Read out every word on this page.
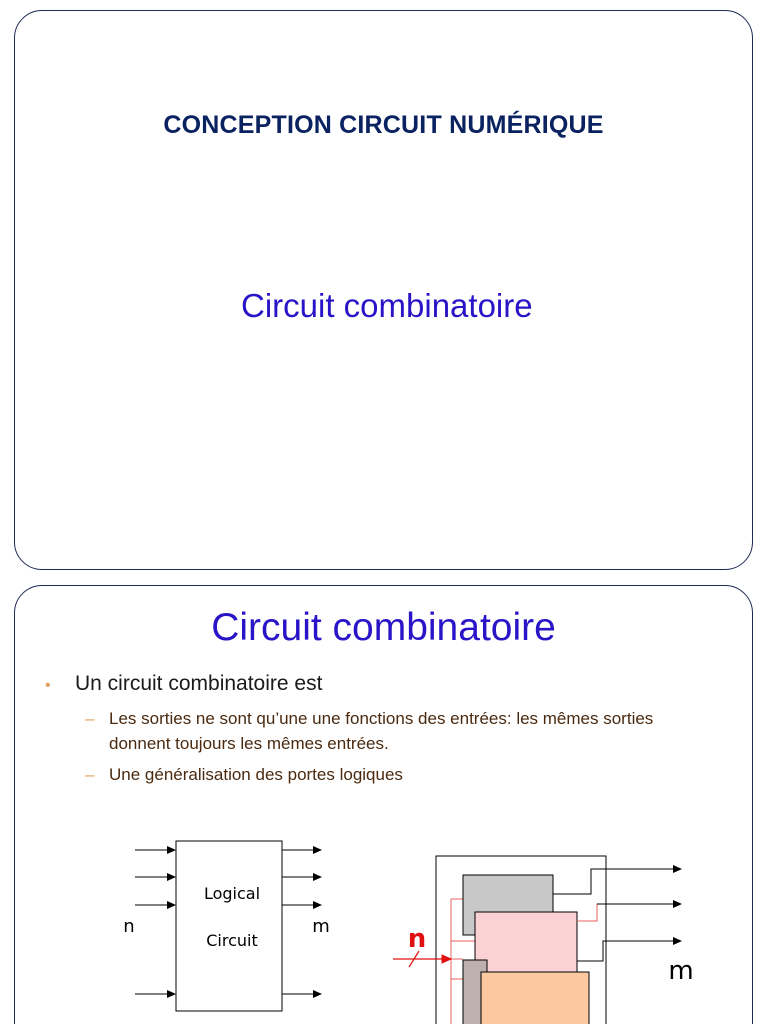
CONCEPTION CIRCUIT NUMÉRIQUE
Circuit combinatoire
Circuit combinatoire
• Un circuit combinatoire est
– Les sorties ne sont qu’une une fonctions des entrées: les mêmes sorties donnent toujours les mêmes entrées.
– Une généralisation des portes logiques
Logical
Circuit
n	m	n
m
